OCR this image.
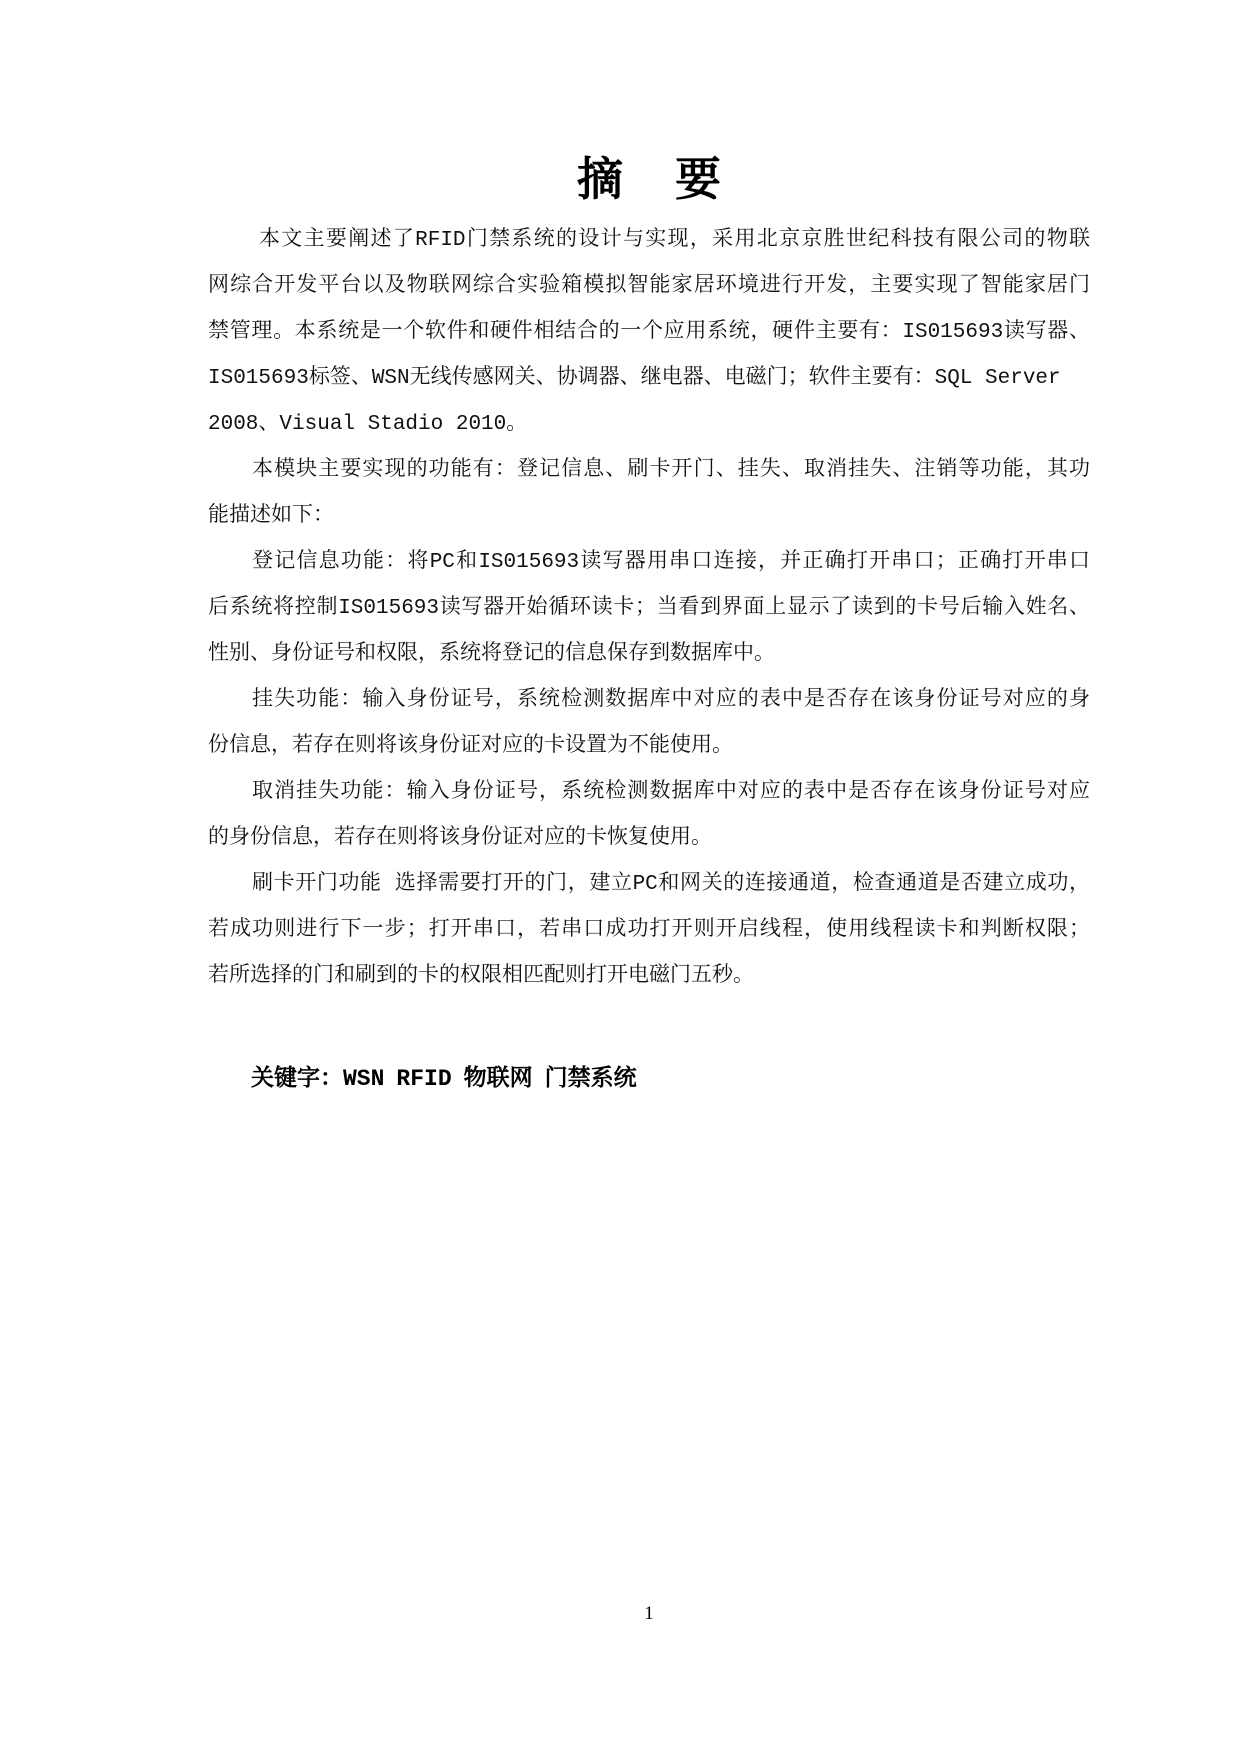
摘 要
本文主要阐述了RFID门禁系统的设计与实现，采用北京京胜世纪科技有限公司的物联
网综合开发平台以及物联网综合实验箱模拟智能家居环境进行开发，主要实现了智能家居门
禁管理。本系统是一个软件和硬件相结合的一个应用系统，硬件主要有：IS015693读写器、
IS015693标签、WSN无线传感网关、协调器、继电器、电磁门；软件主要有：SQL Server
2008、Visual Stadio 2010。
本模块主要实现的功能有：登记信息、刷卡开门、挂失、取消挂失、注销等功能，其功
能描述如下：
登记信息功能：将PC和IS015693读写器用串口连接，并正确打开串口；正确打开串口
后系统将控制IS015693读写器开始循环读卡；当看到界面上显示了读到的卡号后输入姓名、
性别、身份证号和权限，系统将登记的信息保存到数据库中。
挂失功能：输入身份证号，系统检测数据库中对应的表中是否存在该身份证号对应的身
份信息，若存在则将该身份证对应的卡设置为不能使用。
取消挂失功能：输入身份证号，系统检测数据库中对应的表中是否存在该身份证号对应
的身份信息，若存在则将该身份证对应的卡恢复使用。
刷卡开门功能 选择需要打开的门，建立PC和网关的连接通道，检查通道是否建立成功，
若成功则进行下一步；打开串口，若串口成功打开则开启线程，使用线程读卡和判断权限；
若所选择的门和刷到的卡的权限相匹配则打开电磁门五秒。
关键字：WSN RFID 物联网 门禁系统
1
